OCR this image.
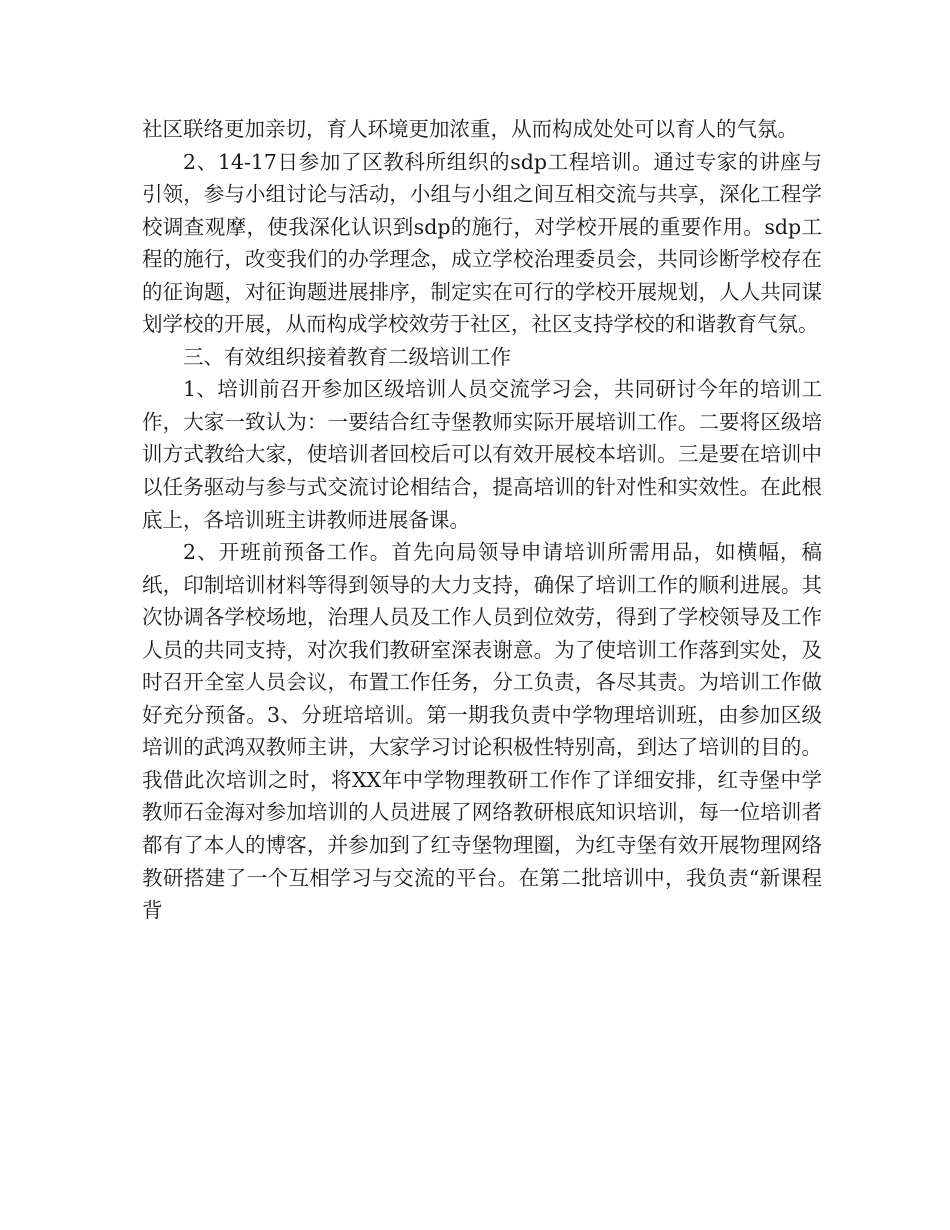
社区联络更加亲切，育人环境更加浓重，从而构成处处可以育人的气氛。

2、14-17日参加了区教科所组织的sdp工程培训。通过专家的讲座与引领，参与小组讨论与活动，小组与小组之间互相交流与共享，深化工程学校调查观摩，使我深化认识到sdp的施行，对学校开展的重要作用。sdp工程的施行，改变我们的办学理念，成立学校治理委员会，共同诊断学校存在的征询题，对征询题进展排序，制定实在可行的学校开展规划，人人共同谋划学校的开展，从而构成学校效劳于社区，社区支持学校的和谐教育气氛。

三、有效组织接着教育二级培训工作

1、培训前召开参加区级培训人员交流学习会，共同研讨今年的培训工作，大家一致认为：一要结合红寺堡教师实际开展培训工作。二要将区级培训方式教给大家，使培训者回校后可以有效开展校本培训。三是要在培训中以任务驱动与参与式交流讨论相结合，提高培训的针对性和实效性。在此根底上，各培训班主讲教师进展备课。

2、开班前预备工作。首先向局领导申请培训所需用品，如横幅，稿纸，印制培训材料等得到领导的大力支持，确保了培训工作的顺利进展。其次协调各学校场地，治理人员及工作人员到位效劳，得到了学校领导及工作人员的共同支持，对次我们教研室深表谢意。为了使培训工作落到实处，及时召开全室人员会议，布置工作任务，分工负责，各尽其责。为培训工作做好充分预备。3、分班培培训。第一期我负责中学物理培训班，由参加区级培训的武鸿双教师主讲，大家学习讨论积极性特别高，到达了培训的目的。我借此次培训之时，将XX年中学物理教研工作作了详细安排，红寺堡中学教师石金海对参加培训的人员进展了网络教研根底知识培训，每一位培训者都有了本人的博客，并参加到了红寺堡物理圈，为红寺堡有效开展物理网络教研搭建了一个互相学习与交流的平台。在第二批培训中，我负责“新课程背
